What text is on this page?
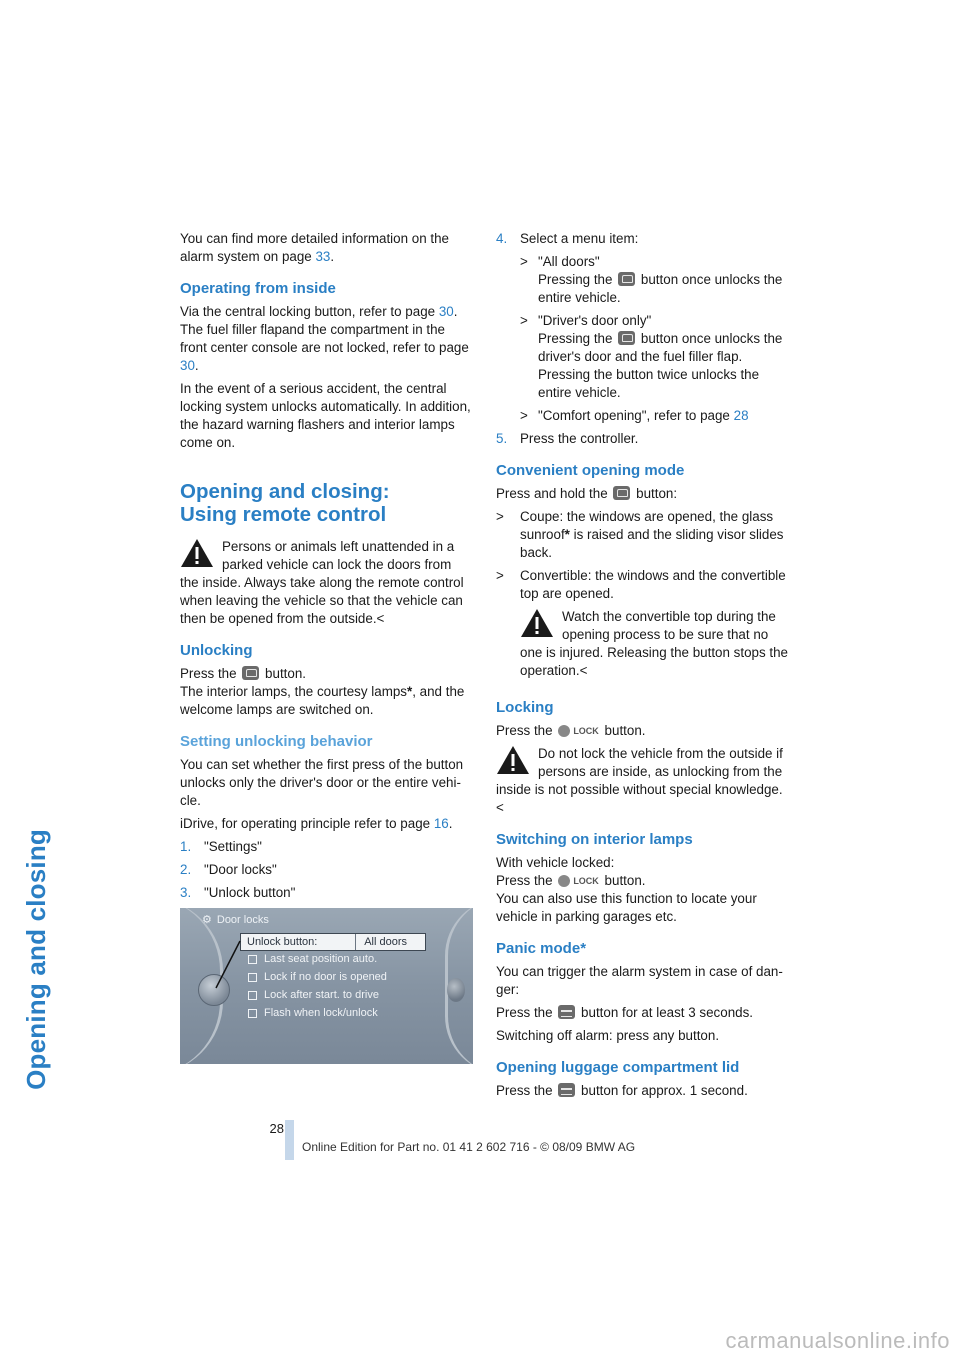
Opening and closing

You can find more detailed information on the alarm system on page 33.

Operating from inside

Via the central locking button, refer to page 30. The fuel filler flapand the compartment in the front center console are not locked, refer to page 30.

In the event of a serious accident, the central locking system unlocks automatically. In addition, the hazard warning flashers and interior lamps come on.

Opening and closing:
Using remote control
Persons or animals left unattended in a parked vehicle can lock the doors from the inside. Always take along the remote control when leaving the vehicle so that the vehicle can then be opened from the outside.<
Unlocking

Press the button.
The interior lamps, the courtesy lamps*, and the welcome lamps are switched on.

Setting unlocking behavior

You can set whether the first press of the button unlocks only the driver's door or the entire vehicle.

iDrive, for operating principle refer to page 16.

1. "Settings"
2. "Door locks"
3. "Unlock button"
⚙ Door locks
Unlock button:	All doors
Last seat position auto.
Lock if no door is opened
Lock after start. to drive
Flash when lock/unlock
4. Select a menu item:
> "All doors"
Pressing the button once unlocks the entire vehicle.
> "Driver's door only"
Pressing the button once unlocks the driver's door and the fuel filler flap. Pressing the button twice unlocks the entire vehicle.
> "Comfort opening", refer to page 28
5. Press the controller.
Convenient opening mode

Press and hold the button:

>	Coupe: the windows are opened, the glass sunroof* is raised and the sliding visor slides back.
>	Convertible: the windows and the convertible top are opened.
Watch the convertible top during the opening process to be sure that no one is injured. Releasing the button stops the operation.<
Locking

Press the LOCK button.

Do not lock the vehicle from the outside if persons are inside, as unlocking from the inside is not possible without special knowledge.<
Switching on interior lamps

With vehicle locked:
Press the LOCK button.
You can also use this function to locate your vehicle in parking garages etc.

Panic mode*

You can trigger the alarm system in case of danger:

Press the button for at least 3 seconds.

Switching off alarm: press any button.

Opening luggage compartment lid

Press the button for approx. 1 second.

28
Online Edition for Part no. 01 41 2 602 716 - © 08/09 BMW AG
carmanualsonline.info
